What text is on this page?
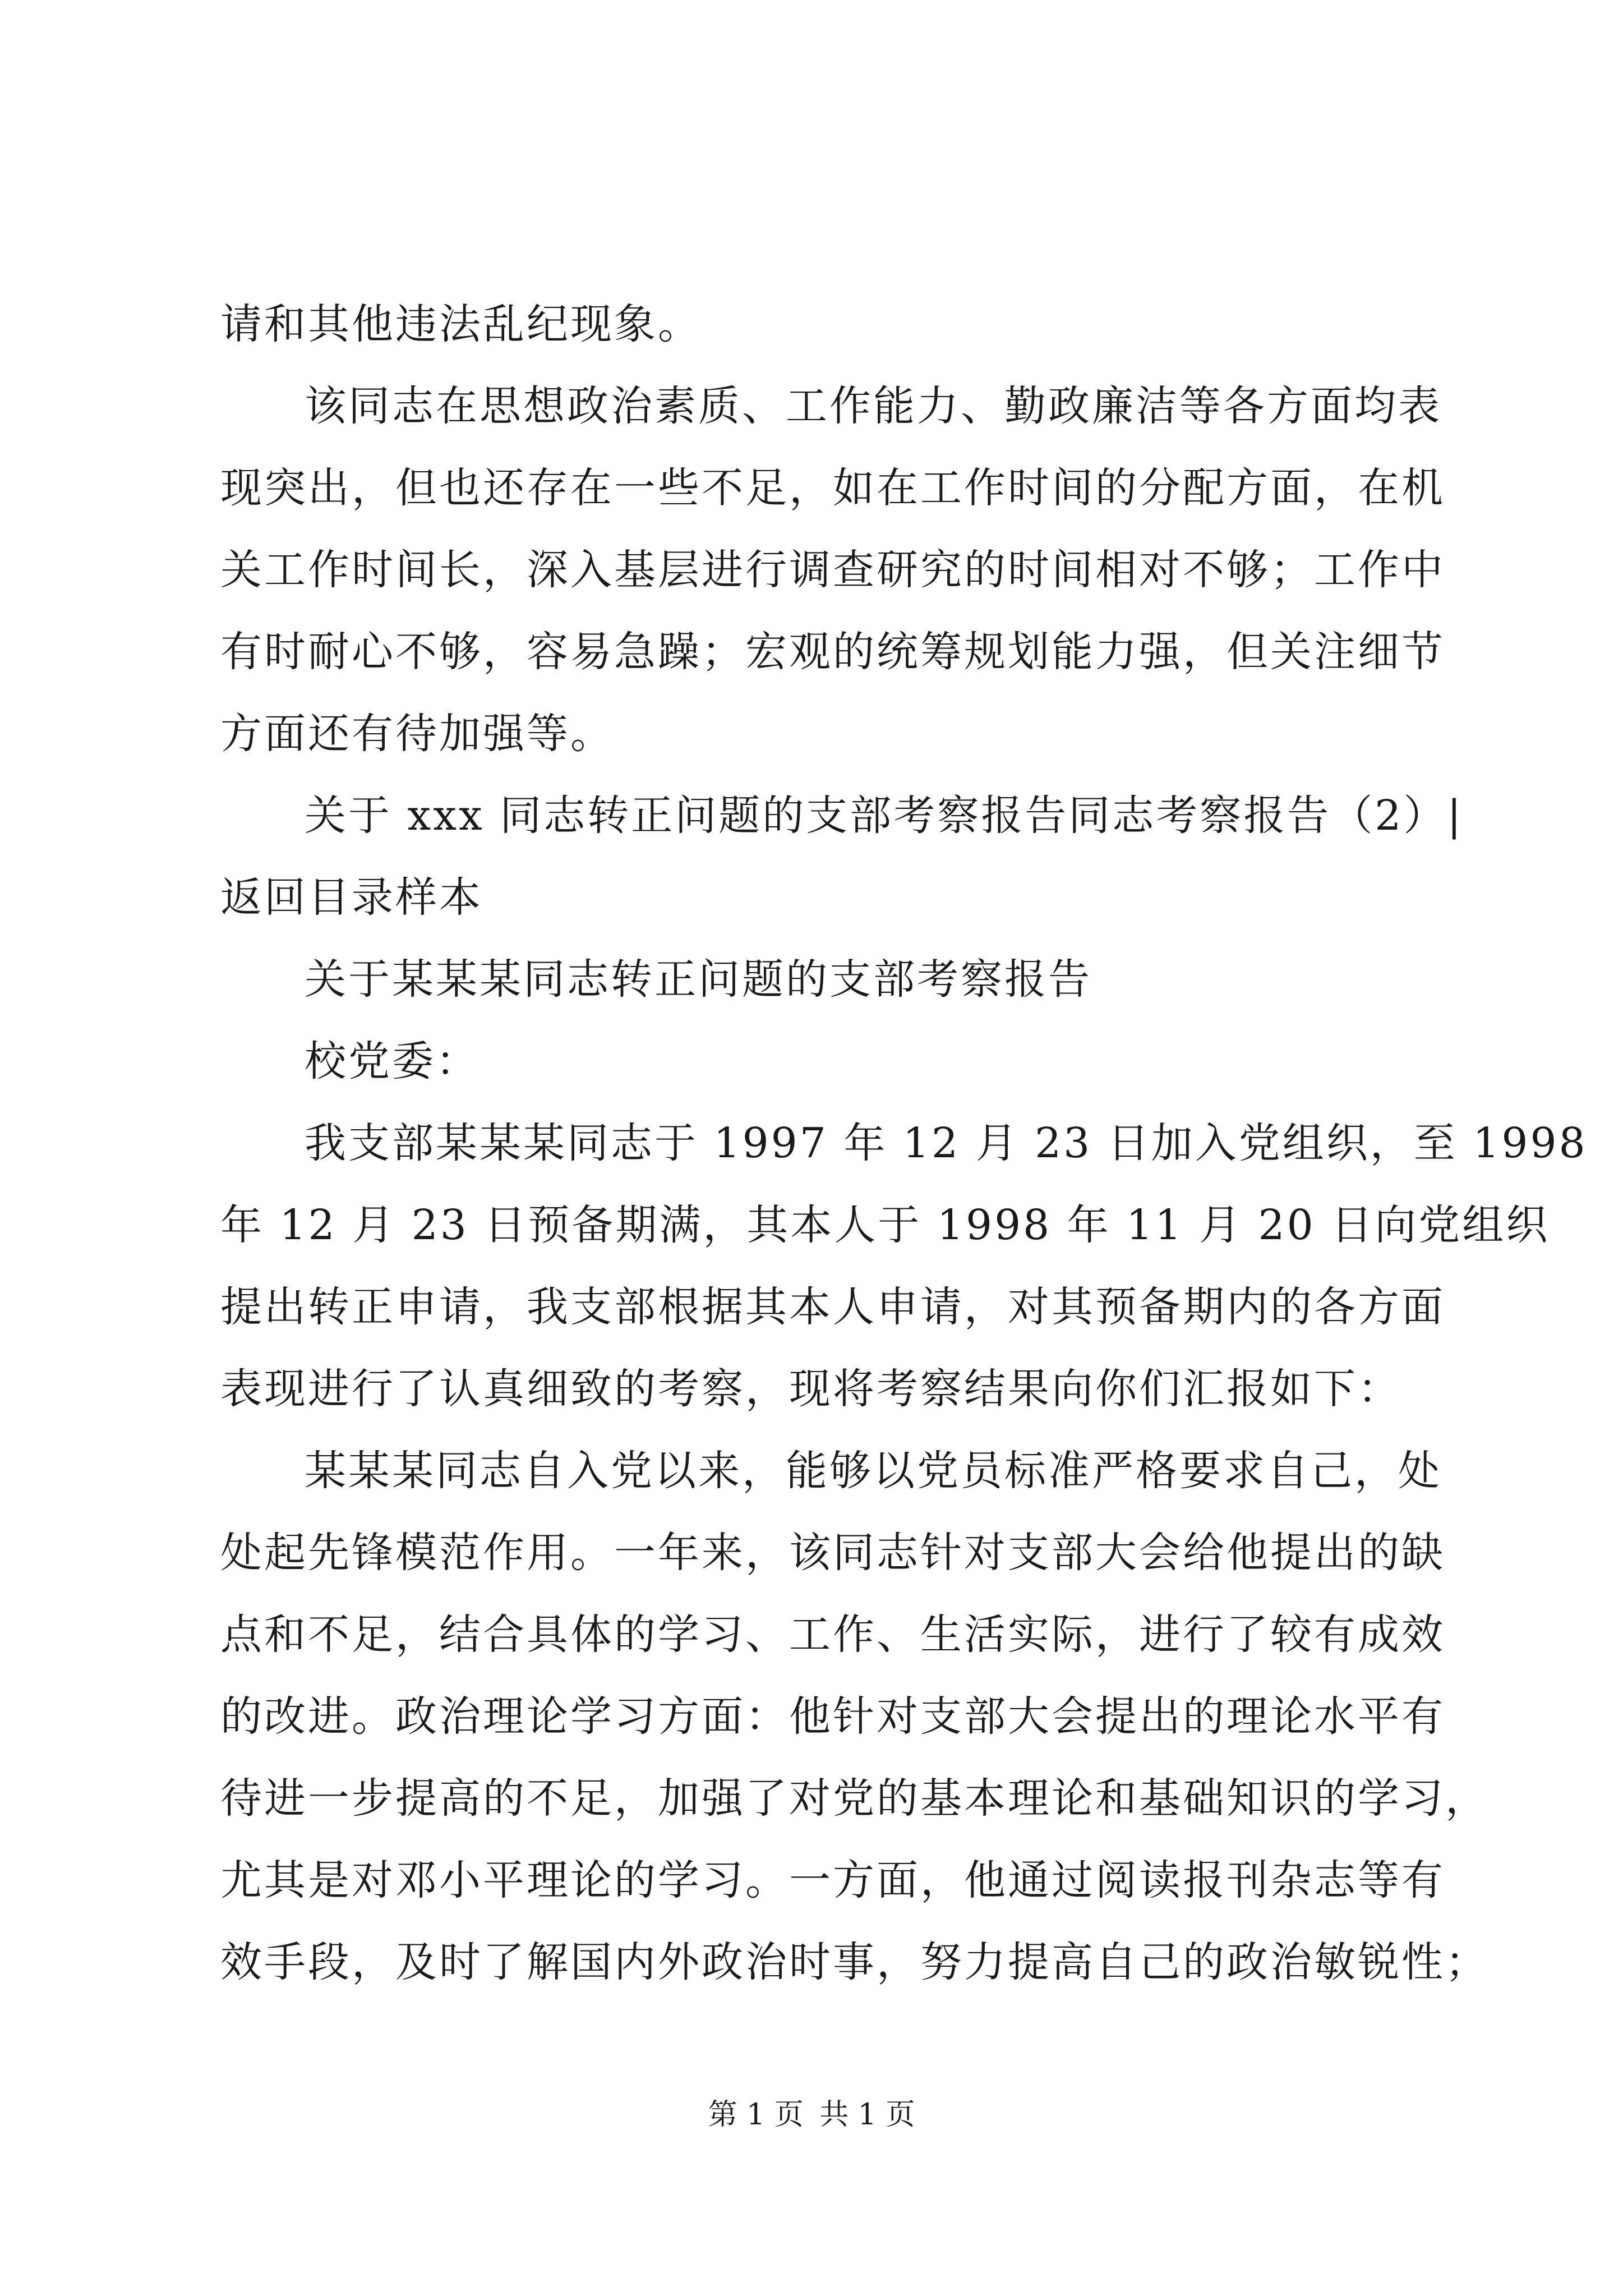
请和其他违法乱纪现象。
该同志在思想政治素质、工作能力、勤政廉洁等各方面均表
现突出，但也还存在一些不足，如在工作时间的分配方面，在机
关工作时间长，深入基层进行调查研究的时间相对不够；工作中
有时耐心不够，容易急躁；宏观的统筹规划能力强，但关注细节
方面还有待加强等。
关于 xxx 同志转正问题的支部考察报告同志考察报告（2）|
返回目录样本
关于某某某同志转正问题的支部考察报告
校党委：
我支部某某某同志于 1997 年 12 月 23 日加入党组织，至 1998
年 12 月 23 日预备期满，其本人于 1998 年 11 月 20 日向党组织
提出转正申请，我支部根据其本人申请，对其预备期内的各方面
表现进行了认真细致的考察，现将考察结果向你们汇报如下：
某某某同志自入党以来，能够以党员标准严格要求自己，处
处起先锋模范作用。一年来，该同志针对支部大会给他提出的缺
点和不足，结合具体的学习、工作、生活实际，进行了较有成效
的改进。政治理论学习方面：他针对支部大会提出的理论水平有
待进一步提高的不足，加强了对党的基本理论和基础知识的学习，
尤其是对邓小平理论的学习。一方面，他通过阅读报刊杂志等有
效手段，及时了解国内外政治时事，努力提高自己的政治敏锐性；
第 1 页 共 1 页
